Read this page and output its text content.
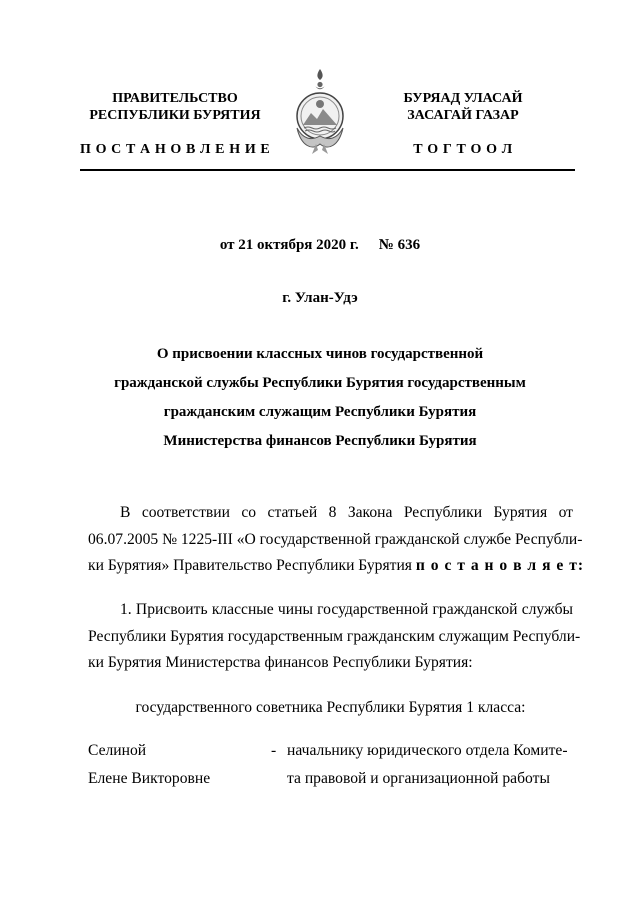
ПРАВИТЕЛЬСТВО
РЕСПУБЛИКИ БУРЯТИЯ
БУРЯАД УЛАСАЙ
ЗАСАГАЙ ГАЗАР
П О С Т А Н О В Л Е Н И Е	Т О Г Т О О Л
от 21 октября 2020 г. № 636
г. Улан-Удэ
О присвоении классных чинов государственной
гражданской службы Республики Бурятия государственным
гражданским служащим Республики Бурятия
Министерства финансов Республики Бурятия
В соответствии со статьей 8 Закона Республики Бурятия от
06.07.2005 № 1225-III «О государственной гражданской службе Республи-
ки Бурятия» Правительство Республики Бурятия п о с т а н о в л я е т:
1. Присвоить классные чины государственной гражданской службы
Республики Бурятия государственным гражданским служащим Республи-
ки Бурятия Министерства финансов Республики Бурятия:
государственного советника Республики Бурятия 1 класса:
Селиной
Елене Викторовне
- начальнику юридического отдела Комите-
та правовой и организационной работы
